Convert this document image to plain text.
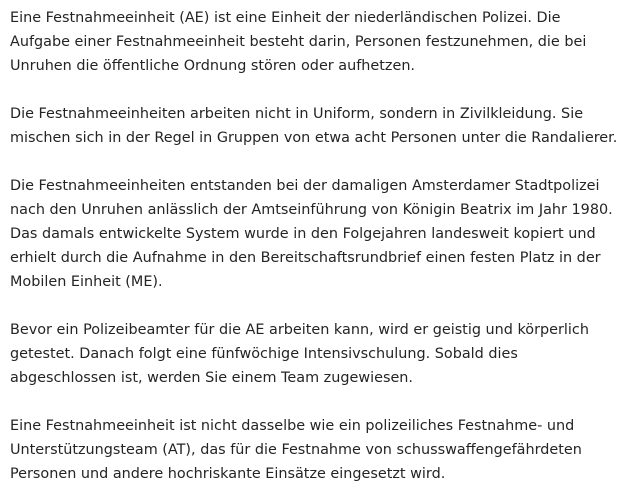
Eine Festnahmeeinheit (AE) ist eine Einheit der niederländischen Polizei. Die Aufgabe einer Festnahmeeinheit besteht darin, Personen festzunehmen, die bei Unruhen die öffentliche Ordnung stören oder aufhetzen.

Die Festnahmeeinheiten arbeiten nicht in Uniform, sondern in Zivilkleidung. Sie mischen sich in der Regel in Gruppen von etwa acht Personen unter die Randalierer.

Die Festnahmeeinheiten entstanden bei der damaligen Amsterdamer Stadtpolizei nach den Unruhen anlässlich der Amtseinführung von Königin Beatrix im Jahr 1980. Das damals entwickelte System wurde in den Folgejahren landesweit kopiert und erhielt durch die Aufnahme in den Bereitschaftsrundbrief einen festen Platz in der Mobilen Einheit (ME).

Bevor ein Polizeibeamter für die AE arbeiten kann, wird er geistig und körperlich getestet. Danach folgt eine fünfwöchige Intensivschulung. Sobald dies abgeschlossen ist, werden Sie einem Team zugewiesen.

Eine Festnahmeeinheit ist nicht dasselbe wie ein polizeiliches Festnahme- und Unterstützungsteam (AT), das für die Festnahme von schusswaffengefährdeten Personen und andere hochriskante Einsätze eingesetzt wird.
